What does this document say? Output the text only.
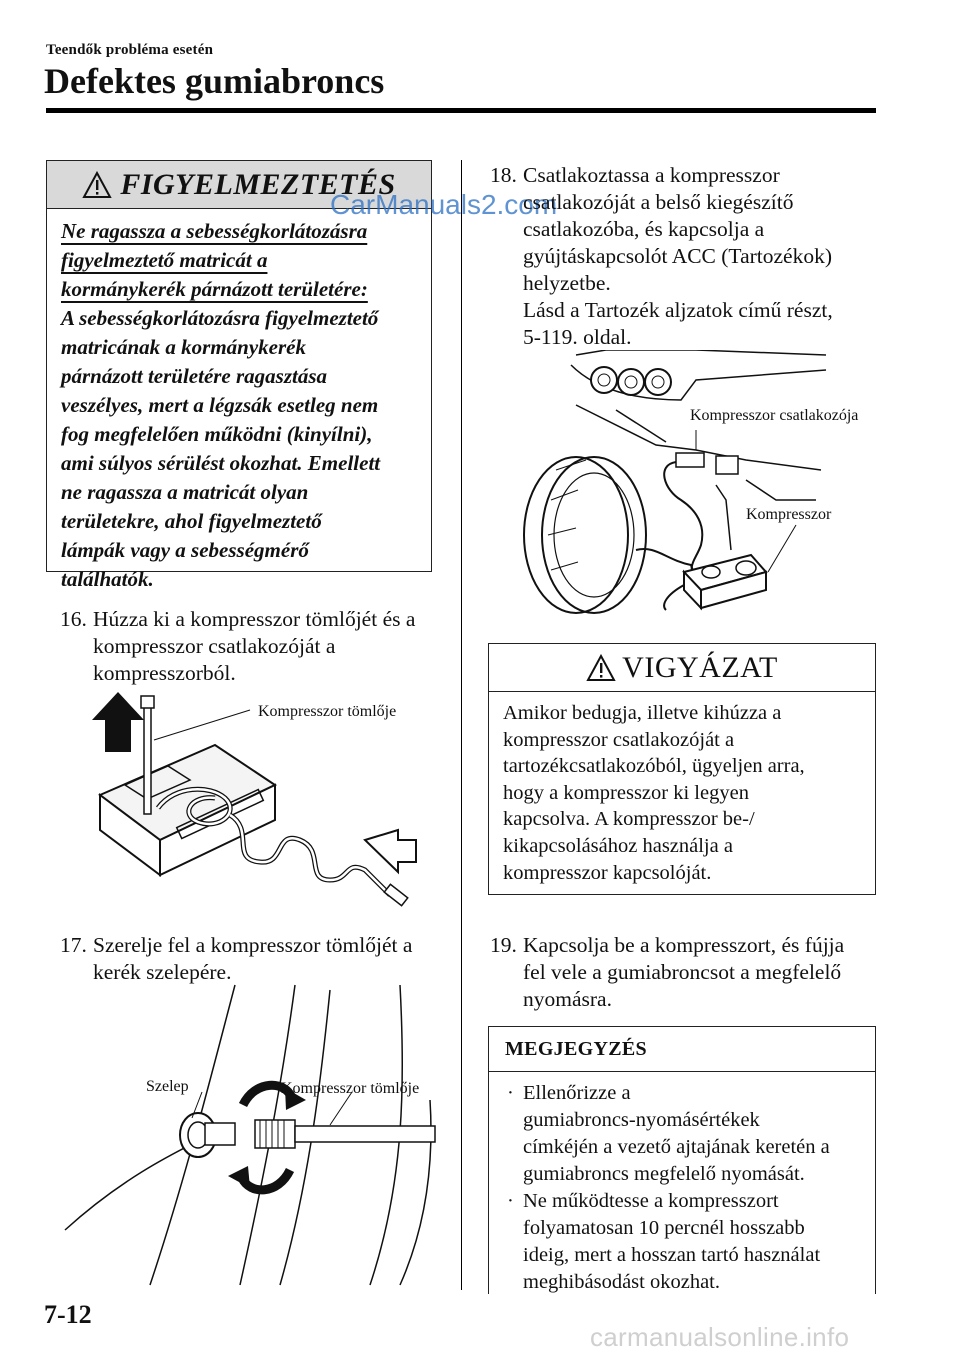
Teendők probléma esetén
Defektes gumiabroncs
FIGYELMEZTETÉS
Ne ragassza a sebességkorlátozásra
figyelmeztető matricát a
kormánykerék párnázott területére:
A sebességkorlátozásra figyelmeztető
matricának a kormánykerék
párnázott területére ragasztása
veszélyes, mert a légzsák esetleg nem
fog megfelelően működni (kinyílni),
ami súlyos sérülést okozhat. Emellett
ne ragassza a matricát olyan
területekre, ahol figyelmeztető
lámpák vagy a sebességmérő
találhatók.
CarManuals2.com
16. Húzza ki a kompresszor tömlőjét és a
kompresszor csatlakozóját a
kompresszorból.
Kompresszor tömlője
17. Szerelje fel a kompresszor tömlőjét a
kerék szelepére.
Szelep	Kompresszor tömlője
18. Csatlakoztassa a kompresszor
csatlakozóját a belső kiegészítő
csatlakozóba, és kapcsolja a
gyújtáskapcsolót ACC (Tartozékok)
helyzetbe.
Lásd a Tartozék aljzatok című részt,
5-119. oldal.
Kompresszor csatlakozója
Kompresszor
VIGYÁZAT
Amikor bedugja, illetve kihúzza a
kompresszor csatlakozóját a
tartozékcsatlakozóból, ügyeljen arra,
hogy a kompresszor ki legyen
kapcsolva. A kompresszor be-/
kikapcsolásához használja a
kompresszor kapcsolóját.
19. Kapcsolja be a kompresszort, és fújja
fel vele a gumiabroncsot a megfelelő
nyomásra.
MEGJEGYZÉS
· Ellenőrizze a
gumiabroncs-nyomásértékek
címkéjén a vezető ajtajának keretén a
gumiabroncs megfelelő nyomását.
· Ne működtesse a kompresszort
folyamatosan 10 percnél hosszabb
ideig, mert a hosszan tartó használat
meghibásodást okozhat.
7-12
carmanualsonline.info
